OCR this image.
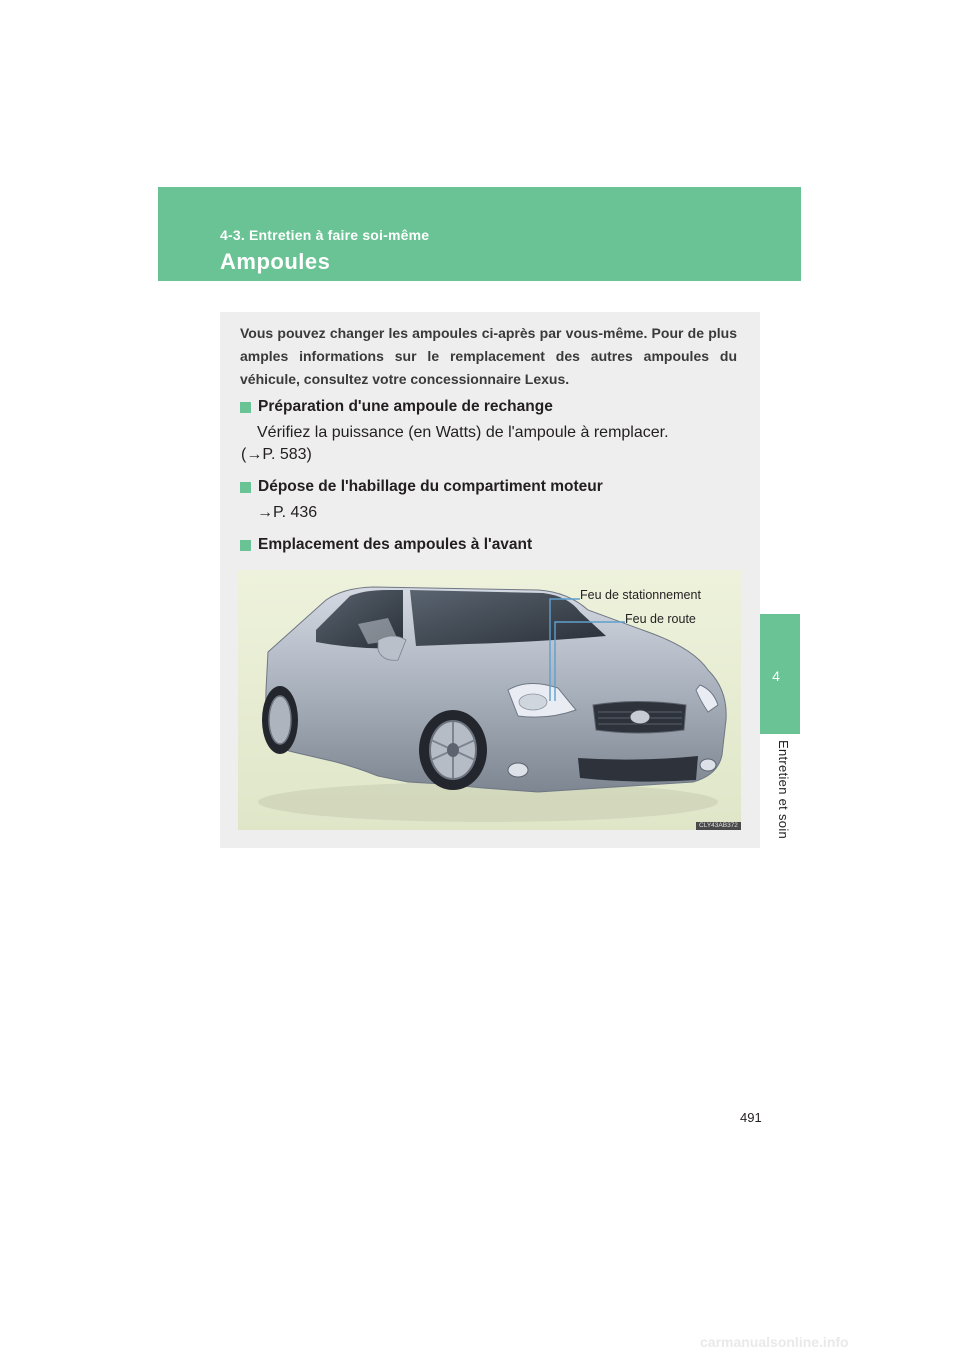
4-3. Entretien à faire soi-même
Ampoules
4
Entretien et soin
Vous pouvez changer les ampoules ci-après par vous-même. Pour de plus amples informations sur le remplacement des autres ampoules du véhicule, consultez votre concessionnaire Lexus.
Préparation d'une ampoule de rechange
Vérifiez la puissance (en Watts) de l'ampoule à remplacer.
(→P. 583)
Dépose de l'habillage du compartiment moteur
→P. 436
Emplacement des ampoules à l'avant
Feu de stationnement
Feu de route
CLY43AB372
491
carmanualsonline.info
